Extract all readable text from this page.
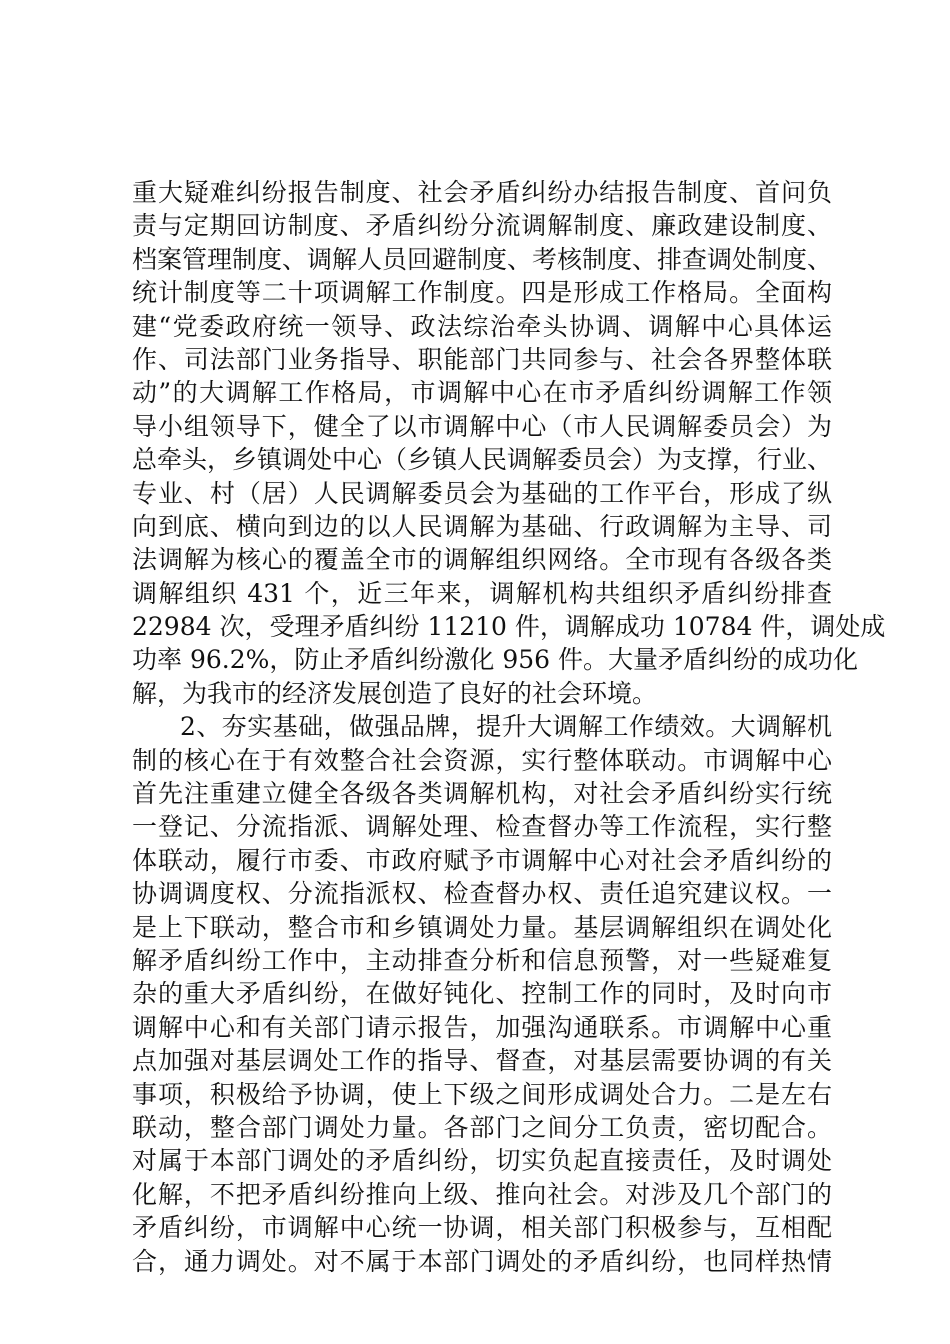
重大疑难纠纷报告制度、社会矛盾纠纷办结报告制度、首问负
责与定期回访制度、矛盾纠纷分流调解制度、廉政建设制度、
档案管理制度、调解人员回避制度、考核制度、排查调处制度、
统计制度等二十项调解工作制度。四是形成工作格局。全面构
建“党委政府统一领导、政法综治牵头协调、调解中心具体运
作、司法部门业务指导、职能部门共同参与、社会各界整体联
动”的大调解工作格局，市调解中心在市矛盾纠纷调解工作领
导小组领导下，健全了以市调解中心（市人民调解委员会）为
总牵头，乡镇调处中心（乡镇人民调解委员会）为支撑，行业、
专业、村（居）人民调解委员会为基础的工作平台，形成了纵
向到底、横向到边的以人民调解为基础、行政调解为主导、司
法调解为核心的覆盖全市的调解组织网络。全市现有各级各类
调解组织 431 个，近三年来，调解机构共组织矛盾纠纷排查
22984 次，受理矛盾纠纷 11210 件，调解成功 10784 件，调处成
功率 96.2%，防止矛盾纠纷激化 956 件。大量矛盾纠纷的成功化
解，为我市的经济发展创造了良好的社会环境。
2、夯实基础，做强品牌，提升大调解工作绩效。大调解机
制的核心在于有效整合社会资源，实行整体联动。市调解中心
首先注重建立健全各级各类调解机构，对社会矛盾纠纷实行统
一登记、分流指派、调解处理、检查督办等工作流程，实行整
体联动，履行市委、市政府赋予市调解中心对社会矛盾纠纷的
协调调度权、分流指派权、检查督办权、责任追究建议权。一
是上下联动，整合市和乡镇调处力量。基层调解组织在调处化
解矛盾纠纷工作中，主动排查分析和信息预警，对一些疑难复
杂的重大矛盾纠纷，在做好钝化、控制工作的同时，及时向市
调解中心和有关部门请示报告，加强沟通联系。市调解中心重
点加强对基层调处工作的指导、督查，对基层需要协调的有关
事项，积极给予协调，使上下级之间形成调处合力。二是左右
联动，整合部门调处力量。各部门之间分工负责，密切配合。
对属于本部门调处的矛盾纠纷，切实负起直接责任，及时调处
化解，不把矛盾纠纷推向上级、推向社会。对涉及几个部门的
矛盾纠纷，市调解中心统一协调，相关部门积极参与，互相配
合，通力调处。对不属于本部门调处的矛盾纠纷，也同样热情
